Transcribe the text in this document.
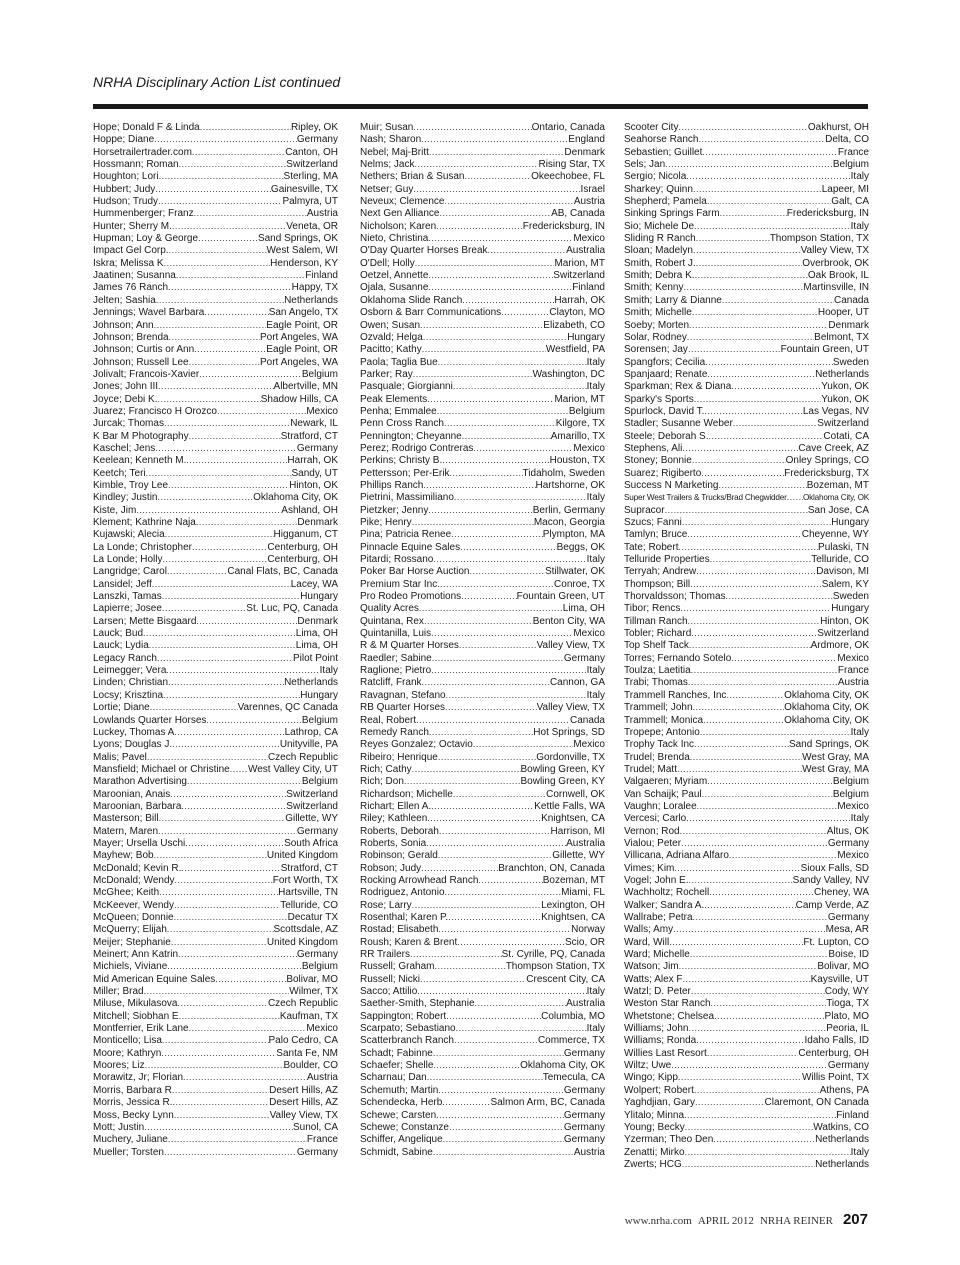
NRHA Disciplinary Action List continued
Hope; Donald F & Linda .....	Ripley, OK
Hoppe; Diane .....	Germany
Horsetrailertrader.com .....	Canton, OH
Hossmann; Roman .....	Switzerland
Houghton; Lori .....	Sterling, MA
Hubbert; Judy .....	Gainesville, TX
Hudson; Trudy .....	Palmyra, UT
Hummenberger; Franz .....	Austria
Hunter; Sherry M. .....	Veneta, OR
Hupman; Loy & George .....	Sand Springs, OK
Impact Gel Corp. .....	West Salem, WI
Iskra; Melissa K .....	Henderson, KY
Jaatinen; Susanna .....	Finland
James 76 Ranch .....	Happy, TX
Jelten; Sashia .....	Netherlands
Jennings; Wavel Barbara .....	San Angelo, TX
Johnson; Ann .....	Eagle Point, OR
Johnson; Brenda .....	Port Angeles, WA
Johnson; Curtis or Ann .....	Eagle Point, OR
Johnson; Russell Lee .....	Port Angeles, WA
Jolivalt; Francois-Xavier .....	Belgium
Jones; John III .....	Albertville, MN
Joyce; Debi K. .....	Shadow Hills, CA
Juarez; Francisco H Orozco .....	Mexico
Jurcak; Thomas .....	Newark, IL
K Bar M Photography .....	Stratford, CT
Kaschel; Jens .....	Germany
Keelean; Kenneth M. .....	Harrah, OK
Keetch; Teri .....	Sandy, UT
Kimble, Troy Lee .....	Hinton, OK
Kindley; Justin .....	Oklahoma City, OK
Kiste, Jim .....	Ashland, OH
Klement; Kathrine Naja .....	Denmark
Kujawski; Alecia .....	Higganum, CT
La Londe; Christopher .....	Centerburg, OH
La Londe; Holly .....	Centerburg, OH
Langridge; Carol .....	Canal Flats, BC, Canada
Lansidel; Jeff .....	Lacey, WA
Lanszki, Tamas .....	Hungary
Lapierre; Josee .....	St. Luc, PQ, Canada
Larsen; Mette Bisgaard .....	Denmark
Lauck; Bud .....	Lima, OH
Lauck; Lydia .....	Lima, OH
Legacy Ranch .....	Pilot Point
Leimegger; Vera .....	Italy
Linden; Christian .....	Netherlands
Locsy; Krisztina .....	Hungary
Lortie; Diane .....	Varennes, QC Canada
Lowlands Quarter Horses .....	Belgium
Luckey, Thomas A .....	Lathrop, CA
Lyons; Douglas J. .....	Unityville, PA
Malis; Pavel .....	Czech Republic
Mansfield; Michael or Christine ..... West Valley City, UT
Marathon Advertising .....	Belgium
Maroonian, Anais .....	Switzerland
Maroonian, Barbara .....	Switzerland
Masterson; Bill .....	Gillette, WY
Matern, Maren .....	Germany
Mayer; Ursella Uschi .....	South Africa
Mayhew; Bob .....	United Kingdom
McDonald; Kevin R. .....	Stratford, CT
McDonald; Wendy .....	Fort Worth, TX
McGhee; Keith .....	Hartsville, TN
McKeever, Wendy .....	Telluride, CO
McQueen; Donnie .....	Decatur TX
McQuerry; Elijah .....	Scottsdale, AZ
Meijer; Stephanie .....	United Kingdom
Meinert; Ann Katrin .....	Germany
Michiels, Viviane .....	Belgium
Mid American Equine Sales .....	Bolivar, MO
Miller; Brad .....	Wilmer, TX
Miluse, Mikulasova .....	Czech Republic
Mitchell; Siobhan E .....	Kaufman, TX
Montferrier, Erik Lane .....	Mexico
Monticello; Lisa .....	Palo Cedro, CA
Moore; Kathryn .....	Santa Fe, NM
Moores; Liz .....	Boulder, CO
Morawitz, Jr; Florian .....	Austria
Morris, Barbara R .....	Desert Hills, AZ
Morris, Jessica R. .....	Desert Hills, AZ
Moss, Becky Lynn .....	Valley View, TX
Mott; Justin .....	Sunol, CA
Muchery, Juliane .....	France
Mueller; Torsten .....	Germany
Muir; Susan .....	Ontario, Canada
Nash; Sharon .....	England
Nebel; Maj-Britt .....	Denmark
Nelms; Jack .....	Rising Star, TX
Nethers; Brian & Susan .....	Okeechobee, FL
Netser; Guy .....	Israel
Neveux; Clemence .....	Austria
Next Gen Alliance .....	AB, Canada
Nicholson; Karen .....	Fredericksburg, IN
Nieto, Christina .....	Mexico
O'Day Quarter Horses Break .....	Australia
O'Dell; Holly .....	Marion, MT
Oetzel, Annette .....	Switzerland
Ojala, Susanne .....	Finland
Oklahoma Slide Ranch .....	Harrah, OK
Osborn & Barr Communications .....	Clayton, MO
Owen; Susan .....	Elizabeth, CO
Ozvald; Helga .....	Hungary
Pacitto; Kathy .....	Westfield, PA
Paola; Taglia Bue .....	Italy
Parker; Ray .....	Washington, DC
Pasquale; Giorgianni .....	Italy
Peak Elements .....	Marion, MT
Penha; Emmalee .....	Belgium
Penn Cross Ranch .....	Kilgore, TX
Pennington; Cheyanne .....	Amarillo, TX
Perez; Rodrigo Contreras .....	Mexico
Perkins; Christy B. .....	Houston, TX
Pettersson; Per-Erik .....	Tidaholm, Sweden
Phillips Ranch .....	Hartshorne, OK
Pietrini, Massimiliano .....	Italy
Pietzker; Jenny .....	Berlin, Germany
Pike; Henry .....	Macon, Georgia
Pina; Patricia Renee .....	Plympton, MA
Pinnacle Equine Sales .....	Beggs, OK
Pitardi; Rossano .....	Italy
Poker Bar Horse Auction .....	Stillwater, OK
Premium Star Inc. .....	Conroe, TX
Pro Rodeo Promotions .....	Fountain Green, UT
Quality Acres .....	Lima, OH
Quintana, Rex .....	Benton City, WA
Quintanilla, Luis .....	Mexico
R & M Quarter Horses .....	Valley View, TX
Raedler; Sabine .....	Germany
Raglione; Pietro .....	Italy
Ratcliff, Frank .....	Cannon, GA
Ravagnan, Stefano .....	Italy
RB Quarter Horses .....	Valley View, TX
Real, Robert .....	Canada
Remedy Ranch .....	Hot Springs, SD
Reyes Gonzalez; Octavio .....	Mexico
Ribeiro; Henrique .....	Gordonville, TX
Rich; Cathy .....	Bowling Green, KY
Rich; Don .....	Bowling Green, KY
Richardson; Michelle .....	Cornwell, OK
Richart; Ellen A. .....	Kettle Falls, WA
Riley; Kathleen .....	Knightsen, CA
Roberts, Deborah .....	Harrison, MI
Roberts, Sonia .....	Australia
Robinson; Gerald .....	Gillette, WY
Robson; Judy .....	Branchton, ON, Canada
Rocking Arrowhead Ranch .....	Bozeman, MT
Rodriguez, Antonio .....	Miami, FL
Rose; Larry .....	Lexington, OH
Rosenthal; Karen P. .....	Knightsen, CA
Rostad; Elisabeth .....	Norway
Roush; Karen & Brent .....	Scio, OR
RR Trailers .....	St. Cyrille, PQ, Canada
Russell; Graham .....	Thompson Station, TX
Russell; Nicki .....	Crescent City, CA
Sacco; Attilio .....	Italy
Saether-Smith, Stephanie .....	Australia
Sappington; Robert .....	Columbia, MO
Scarpato; Sebastiano .....	Italy
Scatterbranch Ranch .....	Commerce, TX
Schadt; Fabinne .....	Germany
Schaefer; Shelle .....	Oklahoma City, OK
Scharnau; Dan .....	Temecula, CA
Schemuth; Martin .....	Germany
Schendecka, Herb .....	Salmon Arm, BC, Canada
Schewe; Carsten .....	Germany
Schewe; Constanze .....	Germany
Schiffer, Angelique .....	Germany
Schmidt, Sabine .....	Austria
Scooter City .....	Oakhurst, OH
Seahorse Ranch .....	Delta, CO
Sebastien; Guillet .....	France
Sels; Jan .....	Belgium
Sergio; Nicola .....	Italy
Sharkey; Quinn .....	Lapeer, MI
Shepherd; Pamela .....	Galt, CA
Sinking Springs Farm .....	Fredericksburg, IN
Sio; Michele De .....	Italy
Sliding R Ranch .....	Thompson Station, TX
Sloan; Madelyn .....	Valley View, TX
Smith, Robert J. .....	Overbrook, OK
Smith; Debra K. .....	Oak Brook, IL
Smith; Kenny .....	Martinsville, IN
Smith; Larry & Dianne .....	Canada
Smith; Michelle .....	Hooper, UT
Soeby; Morten .....	Denmark
Solar, Rodney .....	Belmont, TX
Sorensen; Jay .....	Fountain Green, UT
Spangfors; Cecilia .....	Sweden
Spanjaard; Renate .....	Netherlands
Sparkman; Rex & Diana .....	Yukon, OK
Sparky's Sports .....	Yukon, OK
Spurlock, David T. .....	Las Vegas, NV
Stadler; Susanne Weber .....	Switzerland
Steele; Deborah S. .....	Cotati, CA
Stephens, Ali .....	Cave Creek, AZ
Stoney; Bonnie .....	Onley Springs, CO
Suarez; Rigiberto .....	Fredericksburg, TX
Success N Marketing .....	Bozeman, MT
Super West Trailers & Trucks/Brad Chegwidder ..... Oklahoma City, OK
Supracor .....	San Jose, CA
Szucs; Fanni .....	Hungary
Tamlyn; Bruce .....	Cheyenne, WY
Tate; Robert .....	Pulaski, TN
Telluride Properties .....	Telluride, CO
Terryah; Andrew .....	Davison, MI
Thompson; Bill .....	Salem, KY
Thorvaldsson; Thomas .....	Sweden
Tibor; Rencs .....	Hungary
Tillman Ranch .....	Hinton, OK
Tobler; Richard .....	Switzerland
Top Shelf Tack .....	Ardmore, OK
Torres; Fernando Sotelo .....	Mexico
Toulza; Laetitia .....	France
Trabi; Thomas .....	Austria
Trammell Ranches, Inc .....	Oklahoma City, OK
Trammell; John .....	Oklahoma City, OK
Trammell; Monica .....	Oklahoma City, OK
Tropepe; Antonio .....	Italy
Trophy Tack Inc .....	Sand Springs, OK
Trudel; Brenda .....	West Gray, MA
Trudel; Matt .....	West Gray, MA
Valgaeren; Myriam .....	Belgium
Van Schaijk; Paul .....	Belgium
Vaughn; Loralee .....	Mexico
Vercesi; Carlo .....	Italy
Vernon; Rod .....	Altus, OK
Vialou; Peter .....	Germany
Villicana, Adriana Alfaro .....	Mexico
Vimes; Kim .....	Sioux Falls, SD
Vogel; John E. .....	Sandy Valley, NV
Wachholtz; Rochell .....	Cheney, WA
Walker; Sandra A. .....	Camp Verde, AZ
Wallrabe; Petra .....	Germany
Walls; Amy .....	Mesa, AR
Ward, Will .....	Ft. Lupton, CO
Ward; Michelle .....	Boise, ID
Watson; Jim .....	Bolivar, MO
Watts; Alex F .....	Kaysville, UT
Watzl; D. Peter .....	Cody, WY
Weston Star Ranch .....	Tioga, TX
Whetstone; Chelsea .....	Plato, MO
Williams; John .....	Peoria, IL
Williams; Ronda .....	Idaho Falls, ID
Willies Last Resort .....	Centerburg, OH
Wiltz; Uwe .....	Germany
Wingo; Kipp .....	Willis Point, TX
Wolpert; Robert .....	Athens, PA
Yaghdjian, Gary .....	Claremont, ON Canada
Ylitalo; Minna .....	Finland
Young; Becky .....	Watkins, CO
Yzerman; Theo Den .....	Netherlands
Zenatti; Mirko .....	Italy
Zwerts; HCG .....	Netherlands
www.nrha.com APRIL 2012 NRHA REINER 207
